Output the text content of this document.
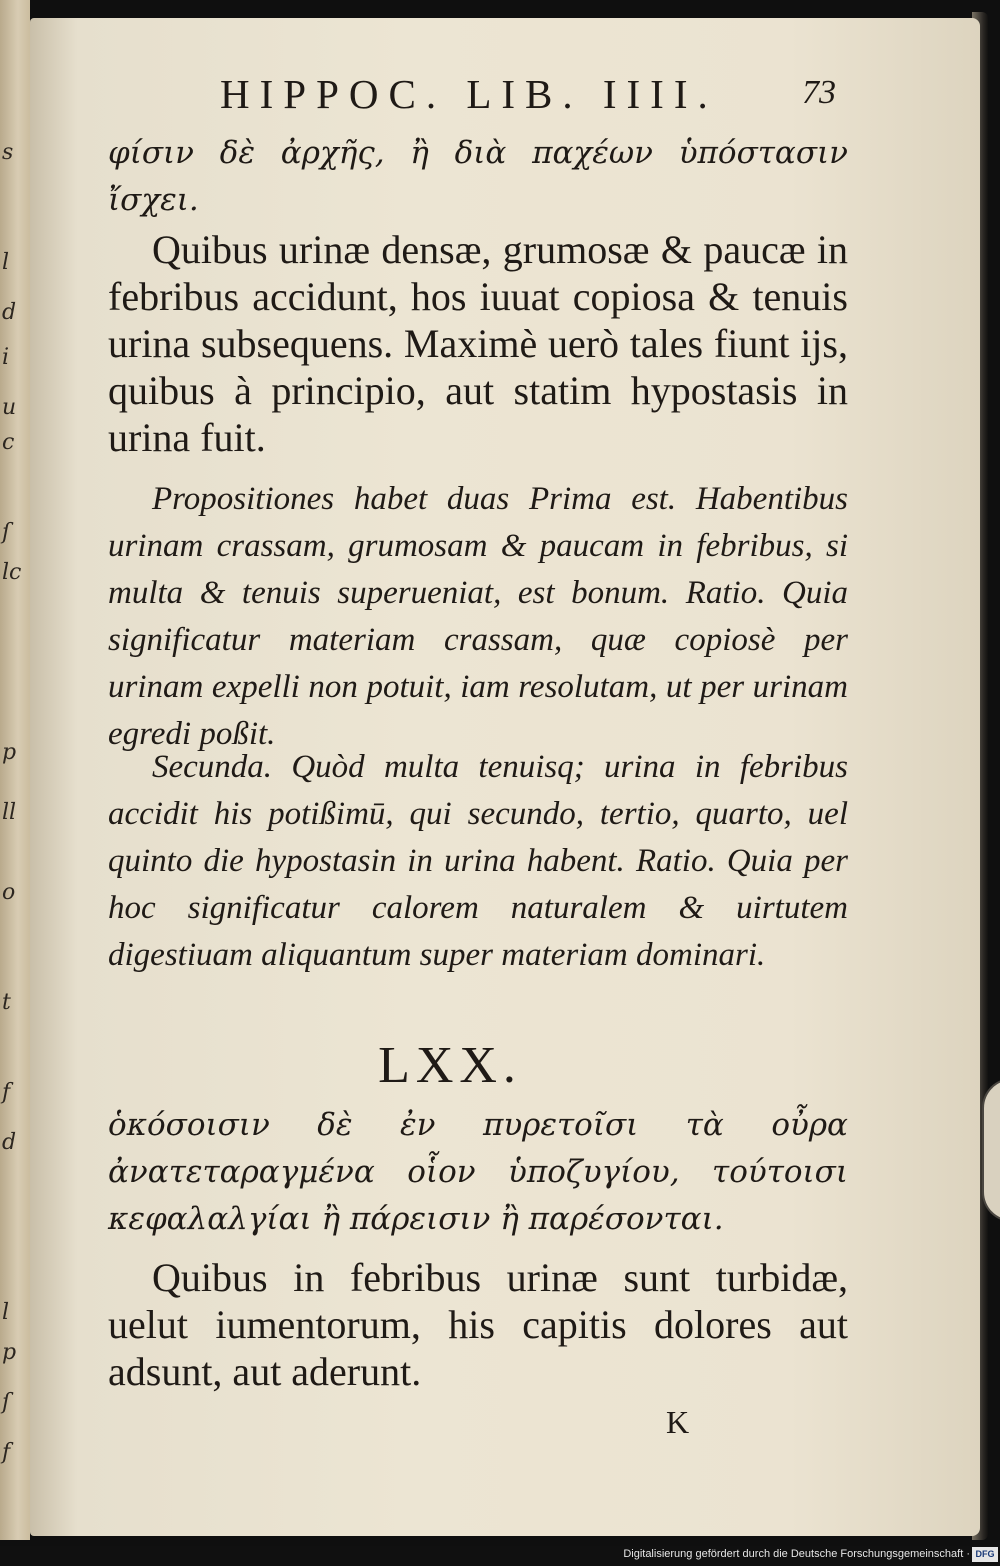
s
l
d
i
u
c
ſ
lc
p
ll
o
t
f
d
l
p
ſ
f
HIPPOC. LIB. IIII. 73

φίσιν δὲ ἀρχῆς, ἢ διὰ παχέων ὑπόστασιν ἴσχει.

Quibus urinæ densæ, grumosæ & paucæ in febribus accidunt, hos iuuat copiosa & tenuis urina subsequens. Maximè uerò tales fiunt ijs, quibus à principio, aut statim hypostasis in urina fuit.

Propositiones habet duas Prima est. Habentibus urinam crassam, grumosam & paucam in febribus, si multa & tenuis superueniat, est bonum. Ratio. Quia significatur materiam crassam, quæ copiosè per urinam expelli non potuit, iam resolutam, ut per urinam egredi poßit.

Secunda. Quòd multa tenuisq; urina in febribus accidit his potißimū, qui secundo, tertio, quarto, uel quinto die hypostasin in urina habent. Ratio. Quia per hoc significatur calorem naturalem & uirtutem digestiuam aliquantum super materiam dominari.

LXX.

ὁκόσοισιν δὲ ἐν πυρετοῖσι τὰ οὖρα ἀνατεταραγμένα οἷον ὑποζυγίου, τούτοισι κεφαλαλγίαι ἢ πάρεισιν ἢ παρέσονται.

Quibus in febribus urinæ sunt turbidæ, uelut iumentorum, his capitis dolores aut adsunt, aut aderunt.

K
Digitalisierung gefördert durch die Deutsche Forschungsgemeinschaft · DFG
